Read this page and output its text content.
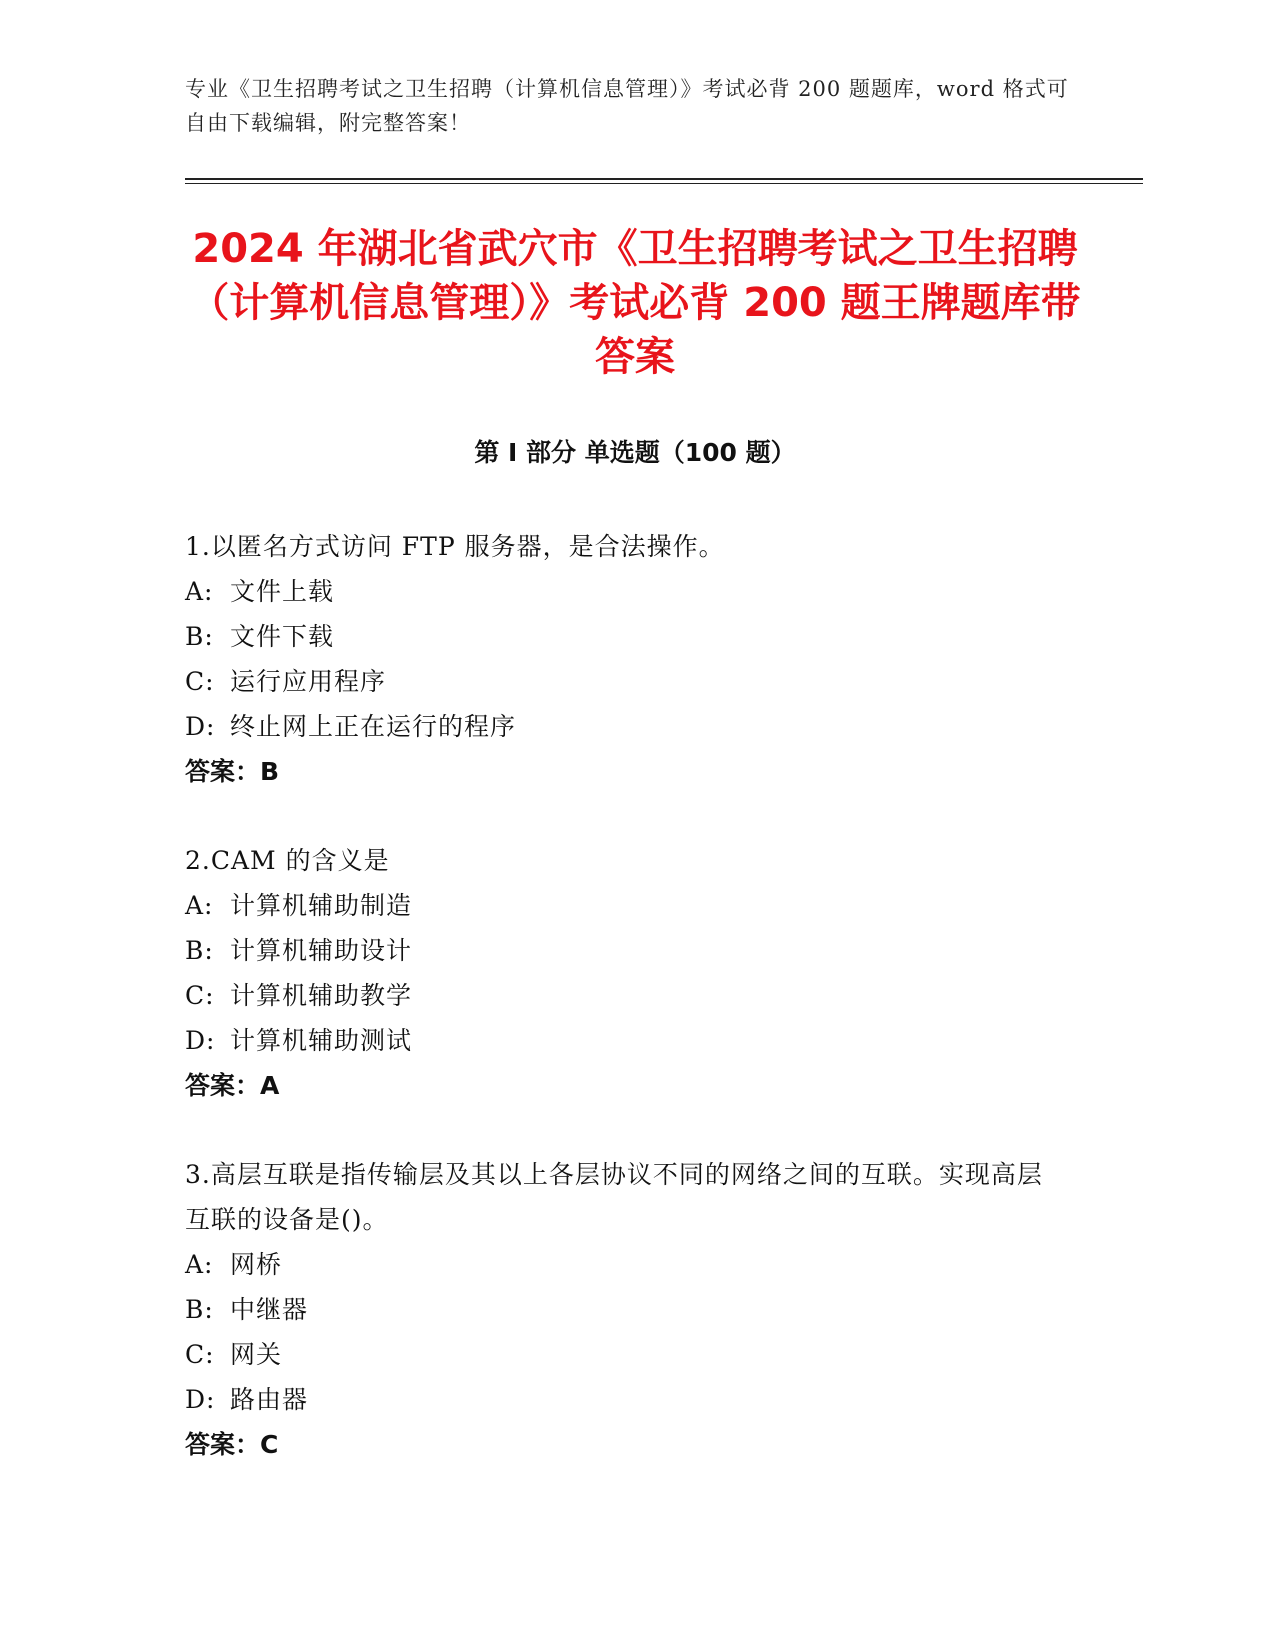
专业《卫生招聘考试之卫生招聘（计算机信息管理）》考试必背 200 题题库，word 格式可自由下载编辑，附完整答案！
2024 年湖北省武穴市《卫生招聘考试之卫生招聘（计算机信息管理）》考试必背 200 题王牌题库带答案
第 I 部分 单选题（100 题）
1.以匿名方式访问 FTP 服务器，是合法操作。
A: 文件上载
B: 文件下载
C: 运行应用程序
D: 终止网上正在运行的程序
答案：B
2.CAM 的含义是
A: 计算机辅助制造
B: 计算机辅助设计
C: 计算机辅助教学
D: 计算机辅助测试
答案：A
3.高层互联是指传输层及其以上各层协议不同的网络之间的互联。实现高层互联的设备是()。
A: 网桥
B: 中继器
C: 网关
D: 路由器
答案：C
